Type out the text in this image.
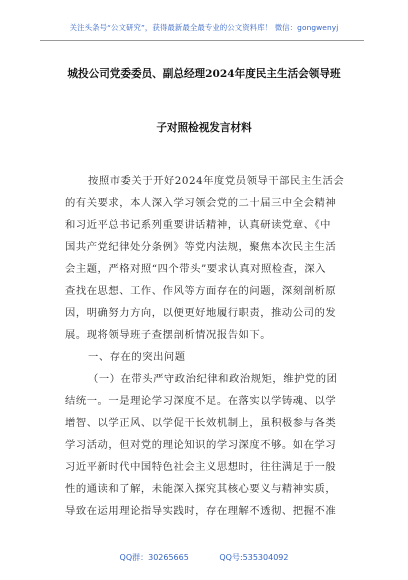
关注头条号“公文研究”，获得最新最全最专业的公文资料库！ 微信：gongwenyj
城投公司党委委员、副总经理2024年度民主生活会领导班
子对照检视发言材料
按照市委关于开好2024年度党员领导干部民主生活会
的有关要求，本人深入学习领会党的二十届三中全会精神
和习近平总书记系列重要讲话精神，认真研读党章、《中
国共产党纪律处分条例》等党内法规，聚焦本次民主生活
会主题，严格对照“四个带头”要求认真对照检查，深入
查找在思想、工作、作风等方面存在的问题，深刻剖析原
因，明确努力方向，以便更好地履行职责，推动公司的发
展。现将领导班子查摆剖析情况报告如下。
一、存在的突出问题
（一）在带头严守政治纪律和政治规矩，维护党的团
结统一。一是理论学习深度不足。在落实以学铸魂、以学
增智、以学正风、以学促干长效机制上，虽积极参与各类
学习活动，但对党的理论知识的学习深度不够。如在学习
习近平新时代中国特色社会主义思想时，往往满足于一般
性的通读和了解，未能深入探究其核心要义与精神实质，
导致在运用理论指导实践时，存在理解不透彻、把握不准
QQ群：30265665	QQ号:535304092
